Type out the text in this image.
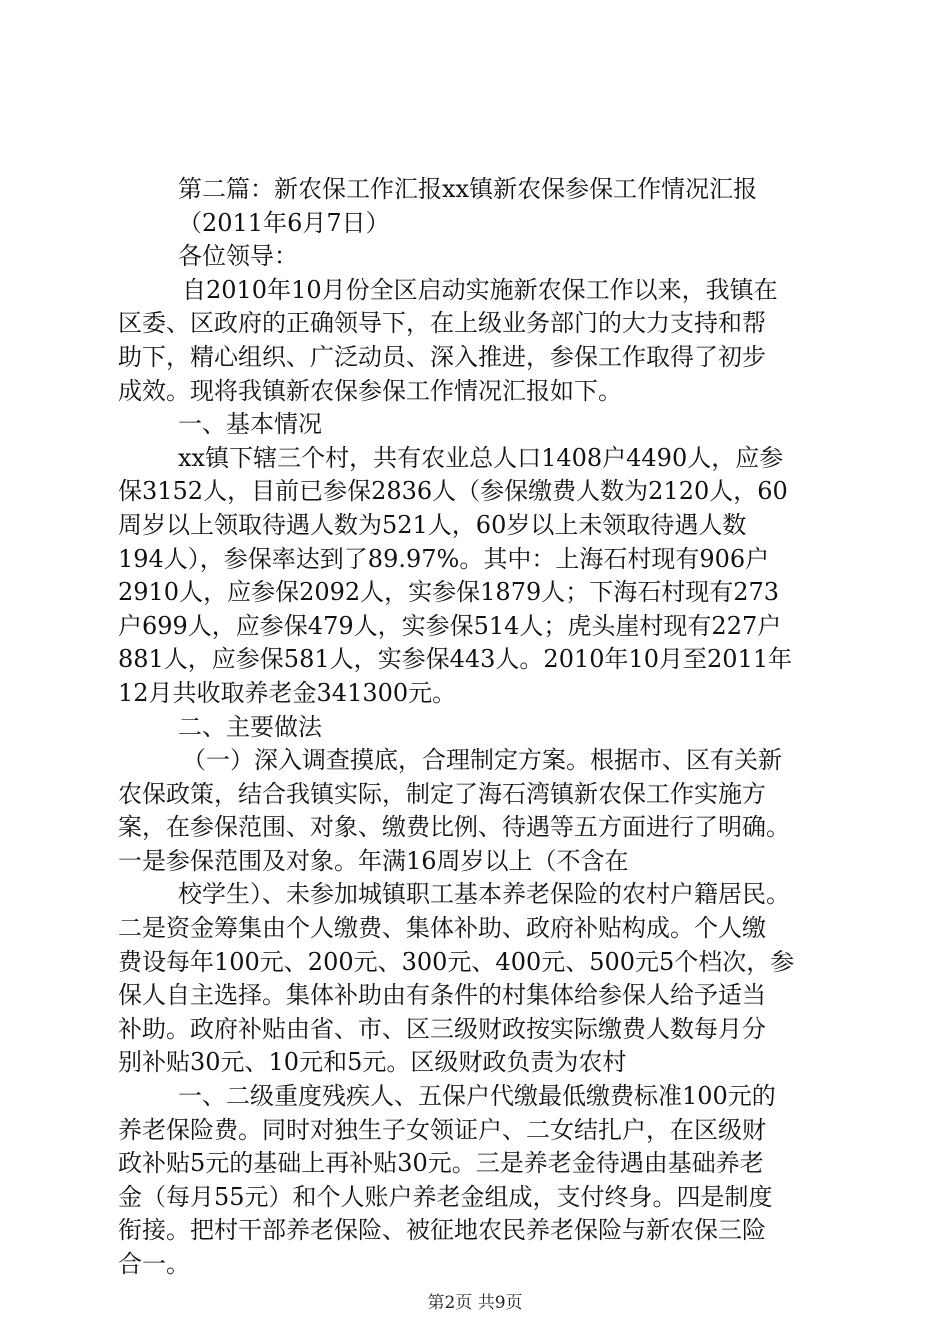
第二篇：新农保工作汇报xx镇新农保参保工作情况汇报
（2011年6月7日）
各位领导：
自2010年10月份全区启动实施新农保工作以来，我镇在
区委、区政府的正确领导下，在上级业务部门的大力支持和帮
助下，精心组织、广泛动员、深入推进，参保工作取得了初步
成效。现将我镇新农保参保工作情况汇报如下。
一、基本情况
xx镇下辖三个村，共有农业总人口1408户4490人，应参
保3152人，目前已参保2836人（参保缴费人数为2120人，60
周岁以上领取待遇人数为521人，60岁以上未领取待遇人数
194人），参保率达到了89.97%。其中：上海石村现有906户
2910人，应参保2092人，实参保1879人；下海石村现有273
户699人，应参保479人，实参保514人；虎头崖村现有227户
881人，应参保581人，实参保443人。2010年10月至2011年
12月共收取养老金341300元。
二、主要做法
（一）深入调查摸底，合理制定方案。根据市、区有关新
农保政策，结合我镇实际，制定了海石湾镇新农保工作实施方
案，在参保范围、对象、缴费比例、待遇等五方面进行了明确。
一是参保范围及对象。年满16周岁以上（不含在
校学生）、未参加城镇职工基本养老保险的农村户籍居民。
二是资金筹集由个人缴费、集体补助、政府补贴构成。个人缴
费设每年100元、200元、300元、400元、500元5个档次，参
保人自主选择。集体补助由有条件的村集体给参保人给予适当
补助。政府补贴由省、市、区三级财政按实际缴费人数每月分
别补贴30元、10元和5元。区级财政负责为农村
一、二级重度残疾人、五保户代缴最低缴费标准100元的
养老保险费。同时对独生子女领证户、二女结扎户，在区级财
政补贴5元的基础上再补贴30元。三是养老金待遇由基础养老
金（每月55元）和个人账户养老金组成，支付终身。四是制度
衔接。把村干部养老保险、被征地农民养老保险与新农保三险
合一。
第2页 共9页
